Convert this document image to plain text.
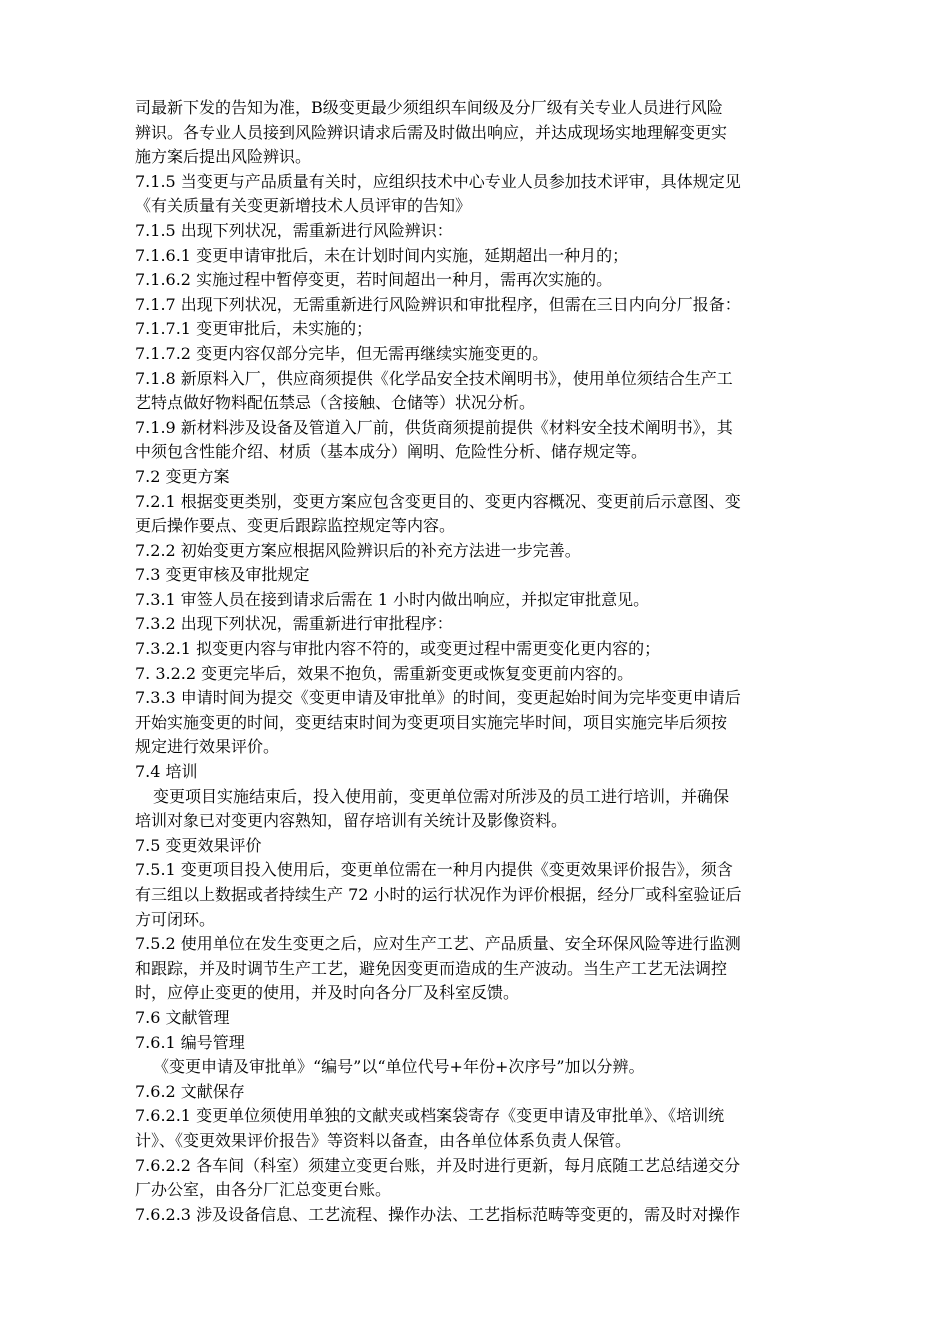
司最新下发的告知为准，B级变更最少须组织车间级及分厂级有关专业人员进行风险
辨识。各专业人员接到风险辨识请求后需及时做出响应，并达成现场实地理解变更实
施方案后提出风险辨识。
7.1.5 当变更与产品质量有关时，应组织技术中心专业人员参加技术评审，具体规定见
《有关质量有关变更新增技术人员评审的告知》
7.1.5 出现下列状况，需重新进行风险辨识：
7.1.6.1 变更申请审批后，未在计划时间内实施，延期超出一种月的；
7.1.6.2 实施过程中暂停变更，若时间超出一种月，需再次实施的。
7.1.7 出现下列状况，无需重新进行风险辨识和审批程序，但需在三日内向分厂报备：
7.1.7.1 变更审批后，未实施的；
7.1.7.2 变更内容仅部分完毕，但无需再继续实施变更的。
7.1.8 新原料入厂，供应商须提供《化学品安全技术阐明书》，使用单位须结合生产工
艺特点做好物料配伍禁忌（含接触、仓储等）状况分析。
7.1.9 新材料涉及设备及管道入厂前，供货商须提前提供《材料安全技术阐明书》，其
中须包含性能介绍、材质（基本成分）阐明、危险性分析、储存规定等。
7.2 变更方案
7.2.1 根据变更类别，变更方案应包含变更目的、变更内容概况、变更前后示意图、变
更后操作要点、变更后跟踪监控规定等内容。
7.2.2 初始变更方案应根据风险辨识后的补充方法进一步完善。
7.3 变更审核及审批规定
7.3.1 审签人员在接到请求后需在 1 小时内做出响应，并拟定审批意见。
7.3.2 出现下列状况，需重新进行审批程序：
7.3.2.1 拟变更内容与审批内容不符的，或变更过程中需更变化更内容的；
7. 3.2.2 变更完毕后，效果不抱负，需重新变更或恢复变更前内容的。
7.3.3 申请时间为提交《变更申请及审批单》的时间，变更起始时间为完毕变更申请后
开始实施变更的时间，变更结束时间为变更项目实施完毕时间，项目实施完毕后须按
规定进行效果评价。
7.4 培训
变更项目实施结束后，投入使用前，变更单位需对所涉及的员工进行培训，并确保
培训对象已对变更内容熟知，留存培训有关统计及影像资料。
7.5 变更效果评价
7.5.1 变更项目投入使用后，变更单位需在一种月内提供《变更效果评价报告》，须含
有三组以上数据或者持续生产 72 小时的运行状况作为评价根据，经分厂或科室验证后
方可闭环。
7.5.2 使用单位在发生变更之后，应对生产工艺、产品质量、安全环保风险等进行监测
和跟踪，并及时调节生产工艺，避免因变更而造成的生产波动。当生产工艺无法调控
时，应停止变更的使用，并及时向各分厂及科室反馈。
7.6 文献管理
7.6.1 编号管理
《变更申请及审批单》“编号”以“单位代号+年份+次序号”加以分辨。
7.6.2 文献保存
7.6.2.1 变更单位须使用单独的文献夹或档案袋寄存《变更申请及审批单》、《培训统
计》、《变更效果评价报告》等资料以备查，由各单位体系负责人保管。
7.6.2.2 各车间（科室）须建立变更台账，并及时进行更新，每月底随工艺总结递交分
厂办公室，由各分厂汇总变更台账。
7.6.2.3 涉及设备信息、工艺流程、操作办法、工艺指标范畴等变更的，需及时对操作
